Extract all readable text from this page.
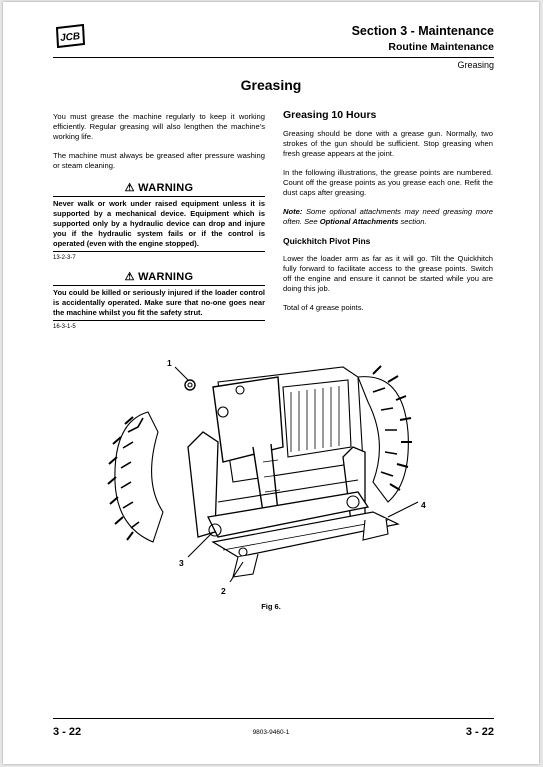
JCB	Section 3 - Maintenance
Routine Maintenance
Greasing
Greasing
You must grease the machine regularly to keep it working efficiently. Regular greasing will also lengthen the machine's working life.
The machine must always be greased after pressure washing or steam cleaning.
⚠ WARNING
Never walk or work under raised equipment unless it is supported by a mechanical device. Equipment which is supported only by a hydraulic device can drop and injure you if the hydraulic system fails or if the control is operated (even with the engine stopped).
13-2-3-7
⚠ WARNING
You could be killed or seriously injured if the loader control is accidentally operated. Make sure that no-one goes near the machine whilst you fit the safety strut.
16-3-1-5
Greasing 10 Hours
Greasing should be done with a grease gun. Normally, two strokes of the gun should be sufficient. Stop greasing when fresh grease appears at the joint.
In the following illustrations, the grease points are numbered. Count off the grease points as you grease each one. Refit the dust caps after greasing.
Note: Some optional attachments may need greasing more often. See Optional Attachments section.
Quickhitch Pivot Pins
Lower the loader arm as far as it will go. Tilt the Quickhitch fully forward to facilitate access to the grease points. Switch off the engine and ensure it cannot be started while you are doing this job.
Total of 4 grease points.
1
2
3
4
Fig 6.
3 - 22	9803-9460-1	3 - 22
